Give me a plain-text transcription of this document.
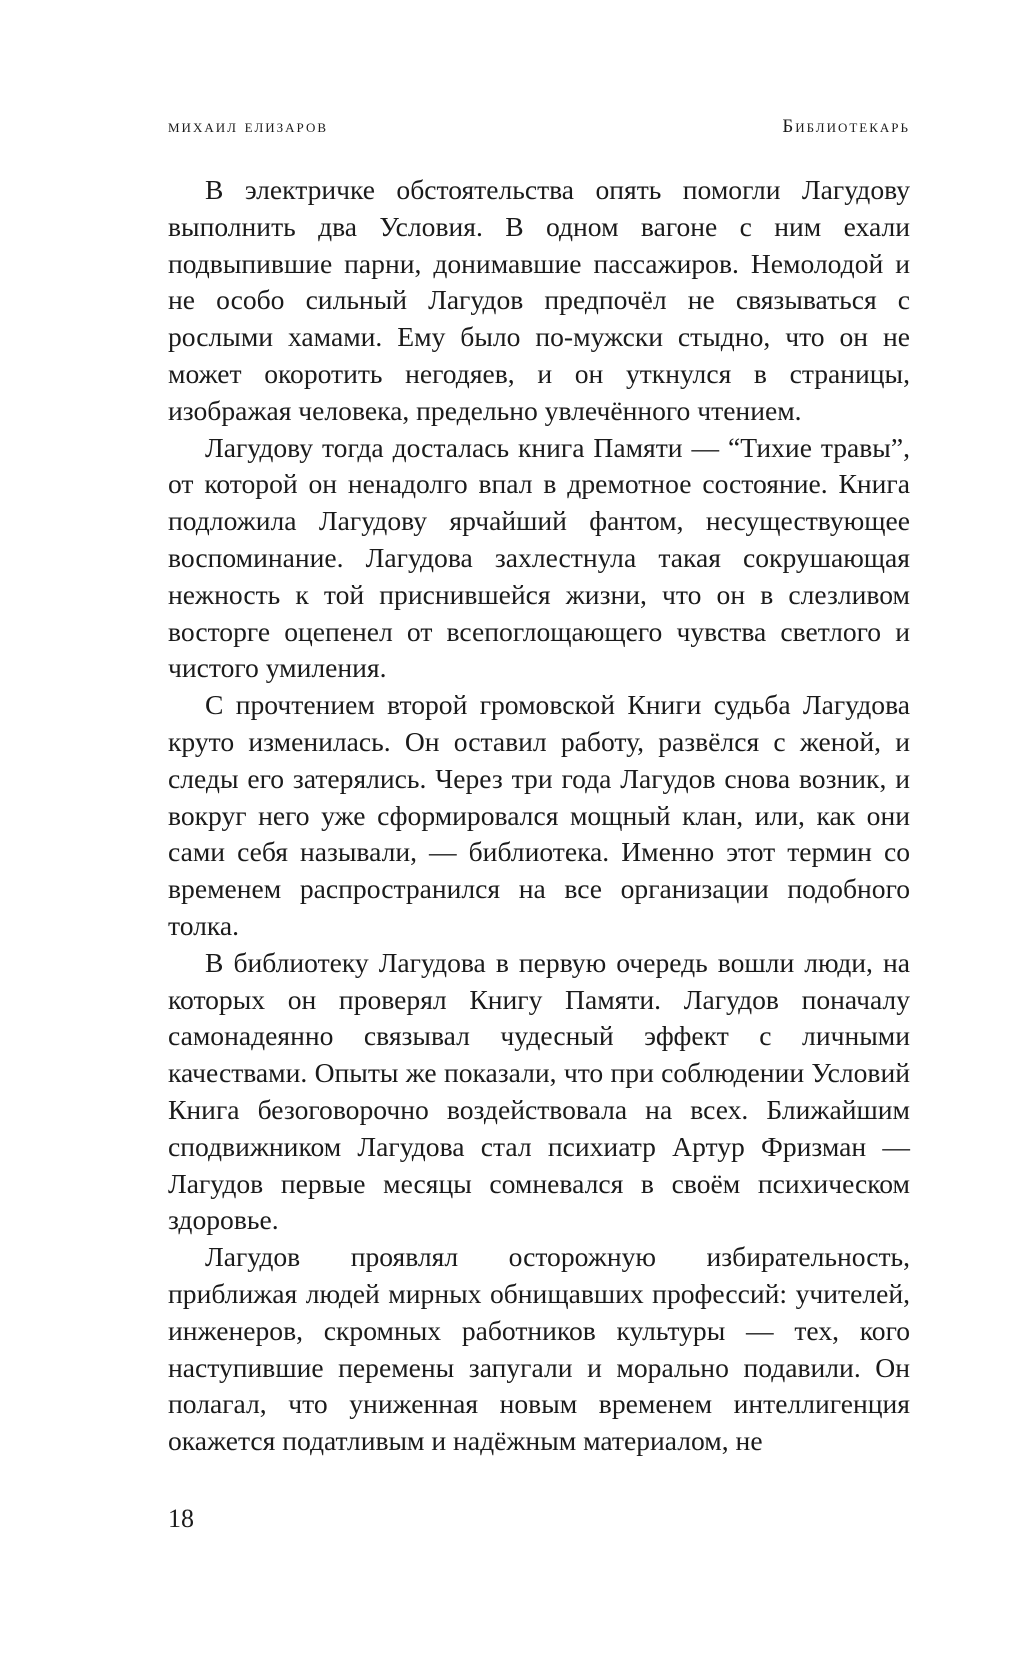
михаил елизаров	Библиотекарь

В электричке обстоятельства опять помогли Лагудову выполнить два Условия. В одном вагоне с ним ехали подвыпившие парни, донимавшие пассажиров. Немолодой и не особо сильный Лагудов предпочёл не связываться с рослыми хамами. Ему было по-мужски стыдно, что он не может окоротить негодяев, и он уткнулся в страницы, изображая человека, предельно увлечённого чтением.

Лагудову тогда досталась книга Памяти — “Тихие травы”, от которой он ненадолго впал в дремотное состояние. Книга подложила Лагудову ярчайший фантом, несуществующее воспоминание. Лагудова захлестнула такая сокрушающая нежность к той приснившейся жизни, что он в слезливом восторге оцепенел от всепоглощающего чувства светлого и чистого умиления.

С прочтением второй громовской Книги судьба Лагудова круто изменилась. Он оставил работу, развёлся с женой, и следы его затерялись. Через три года Лагудов снова возник, и вокруг него уже сформировался мощный клан, или, как они сами себя называли, — библиотека. Именно этот термин со временем распространился на все организации подобного толка.

В библиотеку Лагудова в первую очередь вошли люди, на которых он проверял Книгу Памяти. Лагудов поначалу самонадеянно связывал чудесный эффект с личными качествами. Опыты же показали, что при соблюдении Условий Книга безоговорочно воздействовала на всех. Ближайшим сподвижником Лагудова стал психиатр Артур Фризман — Лагудов первые месяцы сомневался в своём психическом здоровье.

Лагудов проявлял осторожную избирательность, приближая людей мирных обнищавших профессий: учителей, инженеров, скромных работников культуры — тех, кого наступившие перемены запугали и морально подавили. Он полагал, что униженная новым временем интеллигенция окажется податливым и надёжным материалом, не

18
